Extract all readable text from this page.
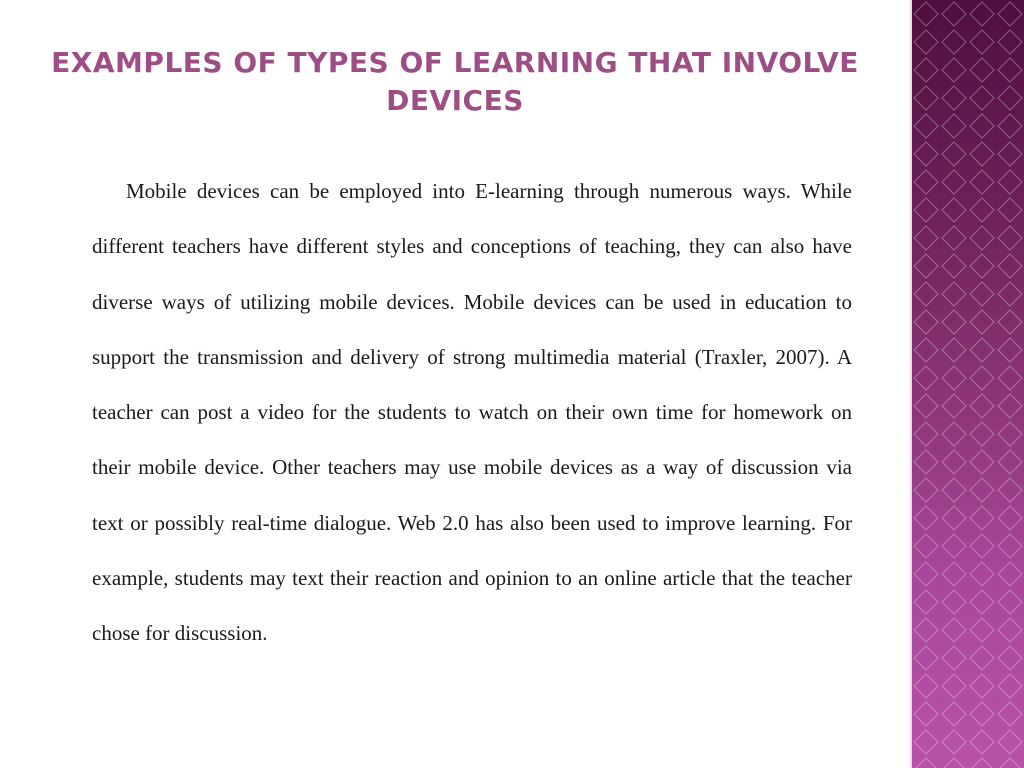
EXAMPLES OF TYPES OF LEARNING THAT INVOLVE DEVICES

Mobile devices can be employed into E-learning through numerous ways. While different teachers have different styles and conceptions of teaching, they can also have diverse ways of utilizing mobile devices. Mobile devices can be used in education to support the transmission and delivery of strong multimedia material (Traxler, 2007). A teacher can post a video for the students to watch on their own time for homework on their mobile device. Other teachers may use mobile devices as a way of discussion via text or possibly real-time dialogue. Web 2.0 has also been used to improve learning. For example, students may text their reaction and opinion to an online article that the teacher chose for discussion.
